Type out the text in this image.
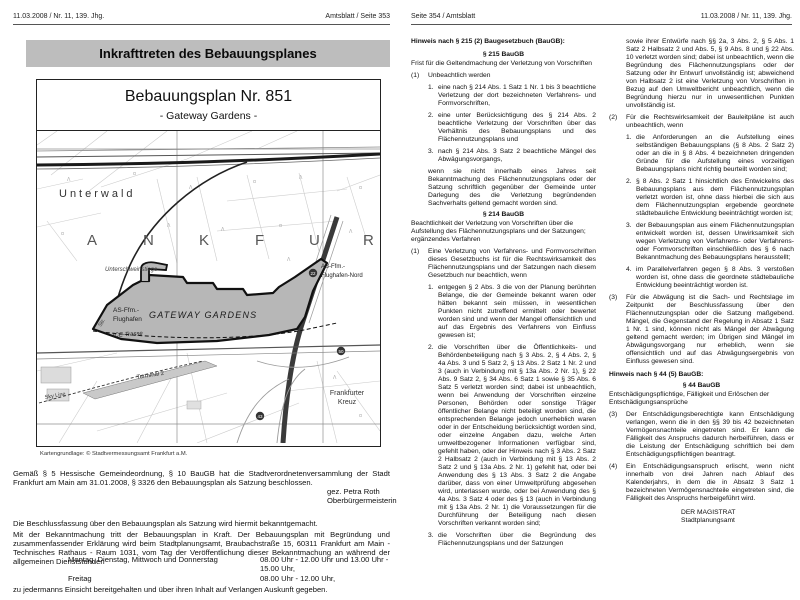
11.03.2008 / Nr. 11, 139. Jhg.	Amtsblatt / Seite 353
Inkrafttreten des Bebauungsplanes
Bebauungsplan Nr. 851
- Gateway Gardens -
Λ
α
Λ
α
Λ
α
α
Λ
α
Λ
Λ
α
Λ
Λ
Unterwald
A	N	K	F	U	R
Unterschweinstiege
22
AS-Ffm.-
Flughafen-Nord
AS-Ffm.-
Flughafen GATEWAY GARDENS
Str.
ICE-Trasse
Terminal 2
Sky Line	Frankfurter
Kreuz
50
43
Kartengrundlage: © Stadtvermessungsamt Frankfurt a.M.

Gemäß § 5 Hessische Gemeindeordnung, § 10 BauGB hat die Stadtverordnetenversammlung der Stadt Frankfurt am Main am 31.01.2008, § 3326 den Bebauungsplan als Satzung beschlossen.

gez. Petra Roth
Oberbürgermeisterin

Die Beschlussfassung über den Bebauungsplan als Satzung wird hiermit bekanntgemacht.

Mit der Bekanntmachung tritt der Bebauungsplan in Kraft. Der Bebauungsplan mit Begründung und zusammenfassender Erklärung wird beim Stadtplanungsamt, Braubachstraße 15, 60311 Frankfurt am Main - Technisches Rathaus - Raum 1031, vom Tag der Veröffentlichung dieser Bekanntmachung an während der allgemeinen Dienststunden

Montag, Dienstag, Mittwoch und Donnerstag	08.00 Uhr - 12.00 Uhr und 13.00 Uhr - 15.00 Uhr,
Freitag	08.00 Uhr - 12.00 Uhr,

zu jedermanns Einsicht bereitgehalten und über ihren Inhalt auf Verlangen Auskunft gegeben.

Seite 354 / Amtsblatt	11.03.2008 / Nr. 11, 139. Jhg.
Hinweis nach § 215 (2) Baugesetzbuch (BauGB):
§ 215 BauGB
Frist für die Geltendmachung der Verletzung von Vorschriften
(1)	Unbeachtlich werden
1. eine nach § 214 Abs. 1 Satz 1 Nr. 1 bis 3 beachtliche Verletzung der dort bezeichneten Verfahrens- und Formvorschriften,
2. eine unter Berücksichtigung des § 214 Abs. 2 beachtliche Verletzung der Vorschriften über das Verhältnis des Bebauungsplans und des Flächennutzungsplans und
3. nach § 214 Abs. 3 Satz 2 beachtliche Mängel des Abwägungsvorgangs,
wenn sie nicht innerhalb eines Jahres seit Bekanntmachung des Flächennutzungsplans oder der Satzung schriftlich gegenüber der Gemeinde unter Darlegung des die Verletzung begründenden Sachverhalts geltend gemacht worden sind.
§ 214 BauGB
Beachtlichkeit der Verletzung von Vorschriften über die Aufstellung des Flächennutzungsplans und der Satzungen; ergänzendes Verfahren
(1)	Eine Verletzung von Verfahrens- und Formvorschriften dieses Gesetzbuchs ist für die Rechtswirksamkeit des Flächennutzungsplans und der Satzungen nach diesem Gesetzbuch nur beachtlich, wenn
1. entgegen § 2 Abs. 3 die von der Planung berührten Belange, die der Gemeinde bekannt waren oder hätten bekannt sein müssen, in wesentlichen Punkten nicht zutreffend ermittelt oder bewertet worden sind und wenn der Mangel offensichtlich und auf das Ergebnis des Verfahrens von Einfluss gewesen ist;
2. die Vorschriften über die Öffentlichkeits- und Behördenbeteiligung nach § 3 Abs. 2, § 4 Abs. 2, § 4a Abs. 3 und 5 Satz 2, § 13 Abs. 2 Satz 1 Nr. 2 und 3 (auch in Verbindung mit § 13a Abs. 2 Nr. 1), § 22 Abs. 9 Satz 2, § 34 Abs. 6 Satz 1 sowie § 35 Abs. 6 Satz 5 verletzt worden sind; dabei ist unbeachtlich, wenn bei Anwendung der Vorschriften einzelne Personen, Behörden oder sonstige Träger öffentlicher Belange nicht beteiligt worden sind, die entsprechenden Belange jedoch unerheblich waren oder in der Entscheidung berücksichtigt worden sind, oder einzelne Angaben dazu, welche Arten umweltbezogener Informationen verfügbar sind, gefehlt haben, oder der Hinweis nach § 3 Abs. 2 Satz 2 Halbsatz 2 (auch in Verbindung mit § 13 Abs. 2 Satz 2 und § 13a Abs. 2 Nr. 1) gefehlt hat, oder bei Anwendung des § 13 Abs. 3 Satz 2 die Angabe darüber, dass von einer Umweltprüfung abgesehen wird, unterlassen wurde, oder bei Anwendung des § 4a Abs. 3 Satz 4 oder des § 13 (auch in Verbindung mit § 13a Abs. 2 Nr. 1) die Voraussetzungen für die Durchführung der Beteiligung nach diesen Vorschriften verkannt worden sind;
3. die Vorschriften über die Begründung des Flächennutzungsplans und der Satzungen
sowie ihrer Entwürfe nach §§ 2a, 3 Abs. 2, § 5 Abs. 1 Satz 2 Halbsatz 2 und Abs. 5, § 9 Abs. 8 und § 22 Abs. 10 verletzt worden sind; dabei ist unbeachtlich, wenn die Begründung des Flächennutzungsplans oder der Satzung oder ihr Entwurf unvollständig ist; abweichend von Halbsatz 2 ist eine Verletzung von Vorschriften in Bezug auf den Umweltbericht unbeachtlich, wenn die Begründung hierzu nur in unwesentlichen Punkten unvollständig ist.
(2)	Für die Rechtswirksamkeit der Bauleitpläne ist auch unbeachtlich, wenn
1. die Anforderungen an die Aufstellung eines selbständigen Bebauungsplans (§ 8 Abs. 2 Satz 2) oder an die in § 8 Abs. 4 bezeichneten dringenden Gründe für die Aufstellung eines vorzeitigen Bebauungsplans nicht richtig beurteilt worden sind;
2. § 8 Abs. 2 Satz 1 hinsichtlich des Entwickelns des Bebauungsplans aus dem Flächennutzungsplan verletzt worden ist, ohne dass hierbei die sich aus dem Flächennutzungsplan ergebende geordnete städtebauliche Entwicklung beeinträchtigt worden ist;
3. der Bebauungsplan aus einem Flächennutzungsplan entwickelt worden ist, dessen Unwirksamkeit sich wegen Verletzung von Verfahrens- oder Verfahrens- oder Formvorschriften einschließlich des § 6 nach Bekanntmachung des Bebauungsplans herausstellt;
4. im Parallelverfahren gegen § 8 Abs. 3 verstoßen worden ist, ohne dass die geordnete städtebauliche Entwicklung beeinträchtigt worden ist.
(3)	Für die Abwägung ist die Sach- und Rechtslage im Zeitpunkt der Beschlussfassung über den Flächennutzungsplan oder die Satzung maßgebend. Mängel, die Gegenstand der Regelung in Absatz 1 Satz 1 Nr. 1 sind, können nicht als Mängel der Abwägung geltend gemacht werden; im Übrigen sind Mängel im Abwägungsvorgang nur erheblich, wenn sie offensichtlich und auf das Abwägungsergebnis von Einfluss gewesen sind.
Hinweis nach § 44 (5) BauGB:
§ 44 BauGB
Entschädigungspflichtige, Fälligkeit und Erlöschen der Entschädigungsansprüche
(3)	Der Entschädigungsberechtigte kann Entschädigung verlangen, wenn die in den §§ 39 bis 42 bezeichneten Vermögensnachteile eingetreten sind. Er kann die Fälligkeit des Anspruchs dadurch herbeiführen, dass er die Leistung der Entschädigung schriftlich bei dem Entschädigungspflichtigen beantragt.
(4)	Ein Entschädigungsanspruch erlischt, wenn nicht innerhalb von drei Jahren nach Ablauf des Kalenderjahrs, in dem die in Absatz 3 Satz 1 bezeichneten Vermögensnachteile eingetreten sind, die Fälligkeit des Anspruchs herbeigeführt wird.
DER MAGISTRAT
Stadtplanungsamt
